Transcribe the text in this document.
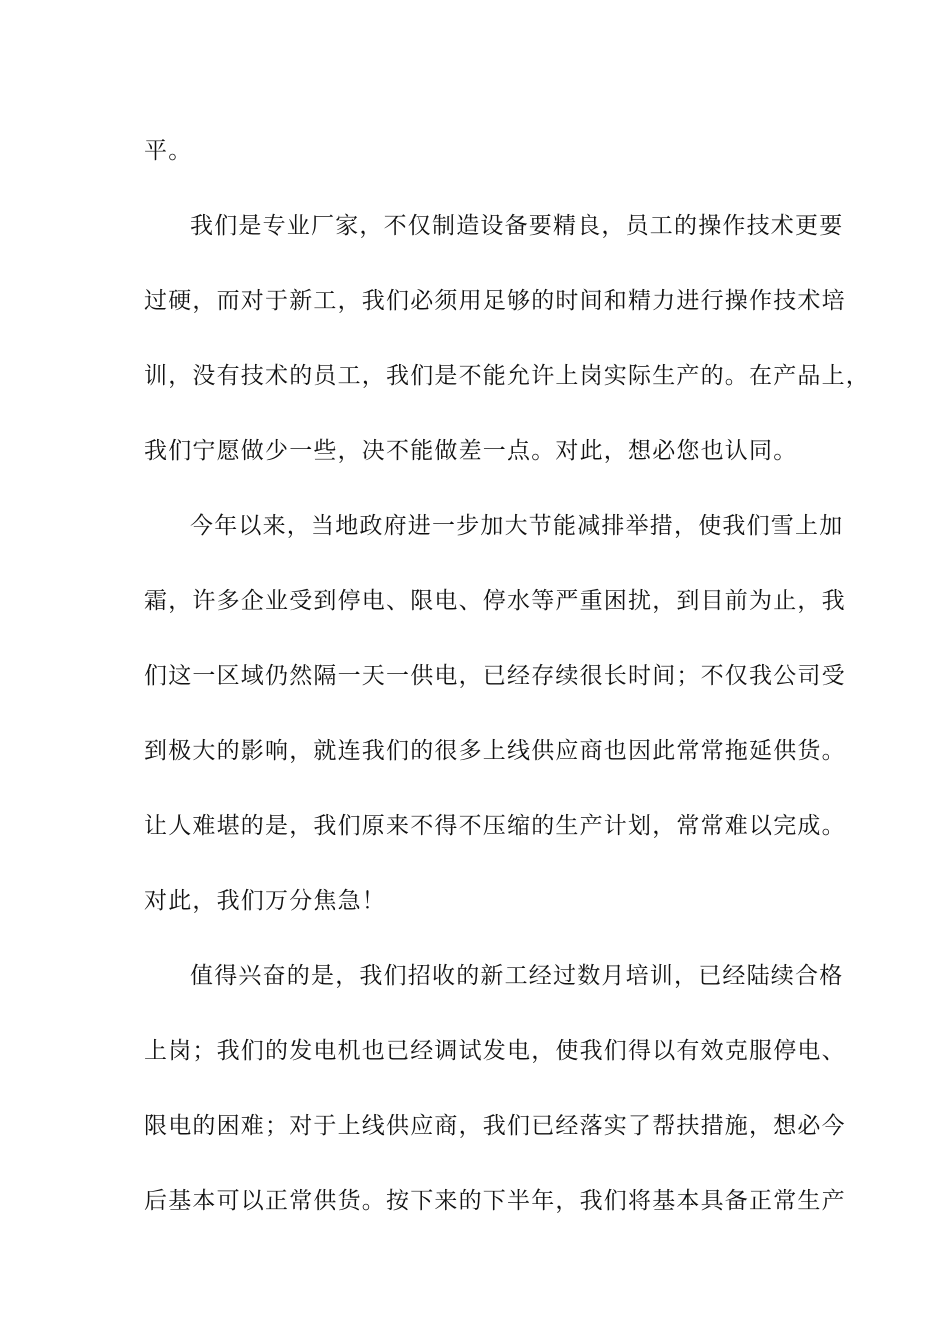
平。
我们是专业厂家，不仅制造设备要精良，员工的操作技术更要
过硬，而对于新工，我们必须用足够的时间和精力进行操作技术培
训，没有技术的员工，我们是不能允许上岗实际生产的。在产品上，
我们宁愿做少一些，决不能做差一点。对此，想必您也认同。
今年以来，当地政府进一步加大节能减排举措，使我们雪上加
霜，许多企业受到停电、限电、停水等严重困扰，到目前为止，我
们这一区域仍然隔一天一供电，已经存续很长时间；不仅我公司受
到极大的影响，就连我们的很多上线供应商也因此常常拖延供货。
让人难堪的是，我们原来不得不压缩的生产计划，常常难以完成。
对此，我们万分焦急！
值得兴奋的是，我们招收的新工经过数月培训，已经陆续合格
上岗；我们的发电机也已经调试发电，使我们得以有效克服停电、
限电的困难；对于上线供应商，我们已经落实了帮扶措施，想必今
后基本可以正常供货。按下来的下半年，我们将基本具备正常生产
